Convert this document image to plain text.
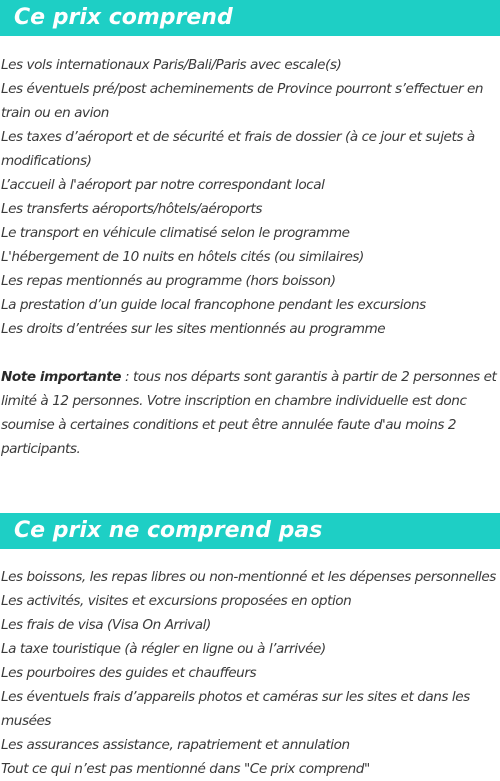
Ce prix comprend
Les vols internationaux Paris/Bali/Paris avec escale(s)
Les éventuels pré/post acheminements de Province pourront s’effectuer en
train ou en avion
Les taxes d’aéroport et de sécurité et frais de dossier (à ce jour et sujets à
modifications)
L’accueil à l'aéroport par notre correspondant local
Les transferts aéroports/hôtels/aéroports
Le transport en véhicule climatisé selon le programme
L'hébergement de 10 nuits en hôtels cités (ou similaires)
Les repas mentionnés au programme (hors boisson)
La prestation d’un guide local francophone pendant les excursions
Les droits d’entrées sur les sites mentionnés au programme
Note importante : tous nos départs sont garantis à partir de 2 personnes et
limité à 12 personnes. Votre inscription en chambre individuelle est donc
soumise à certaines conditions et peut être annulée faute d'au moins 2
participants.
Ce prix ne comprend pas
Les boissons, les repas libres ou non-mentionné et les dépenses personnelles
Les activités, visites et excursions proposées en option
Les frais de visa (Visa On Arrival)
La taxe touristique (à régler en ligne ou à l’arrivée)
Les pourboires des guides et chauffeurs
Les éventuels frais d’appareils photos et caméras sur les sites et dans les musées
Les assurances assistance, rapatriement et annulation
Tout ce qui n’est pas mentionné dans "Ce prix comprend"
